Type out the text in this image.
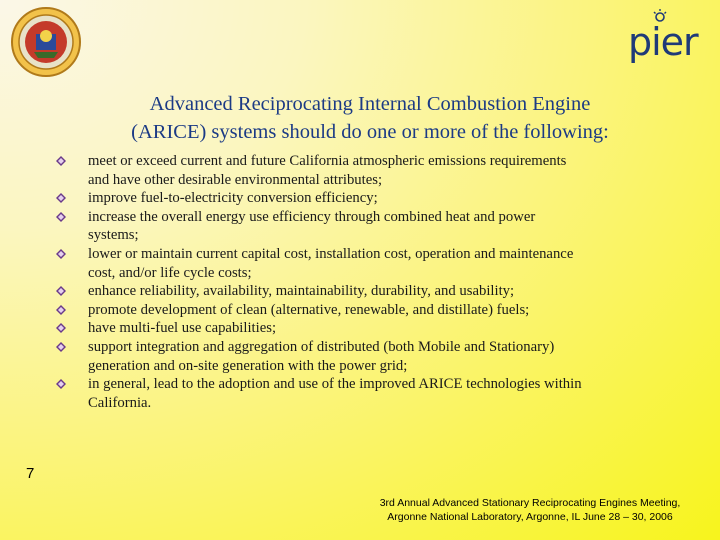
pier
Advanced Reciprocating Internal Combustion Engine
(ARICE) systems should do one or more of the following:
meet or exceed current and future California atmospheric emissions requirements
and have other desirable environmental attributes;
improve fuel-to-electricity conversion efficiency;
increase the overall energy use efficiency through combined heat and power
systems;
lower or maintain current capital cost, installation cost, operation and maintenance
cost, and/or life cycle costs;
enhance reliability, availability, maintainability, durability, and usability;
promote development of clean (alternative, renewable, and distillate) fuels;
have multi-fuel use capabilities;
support integration and aggregation of distributed (both Mobile and Stationary)
generation and on-site generation with the power grid;
in general, lead to the adoption and use of the improved ARICE technologies within
California.
7
3rd Annual Advanced Stationary Reciprocating Engines Meeting,
Argonne National Laboratory, Argonne, IL June 28 – 30, 2006
